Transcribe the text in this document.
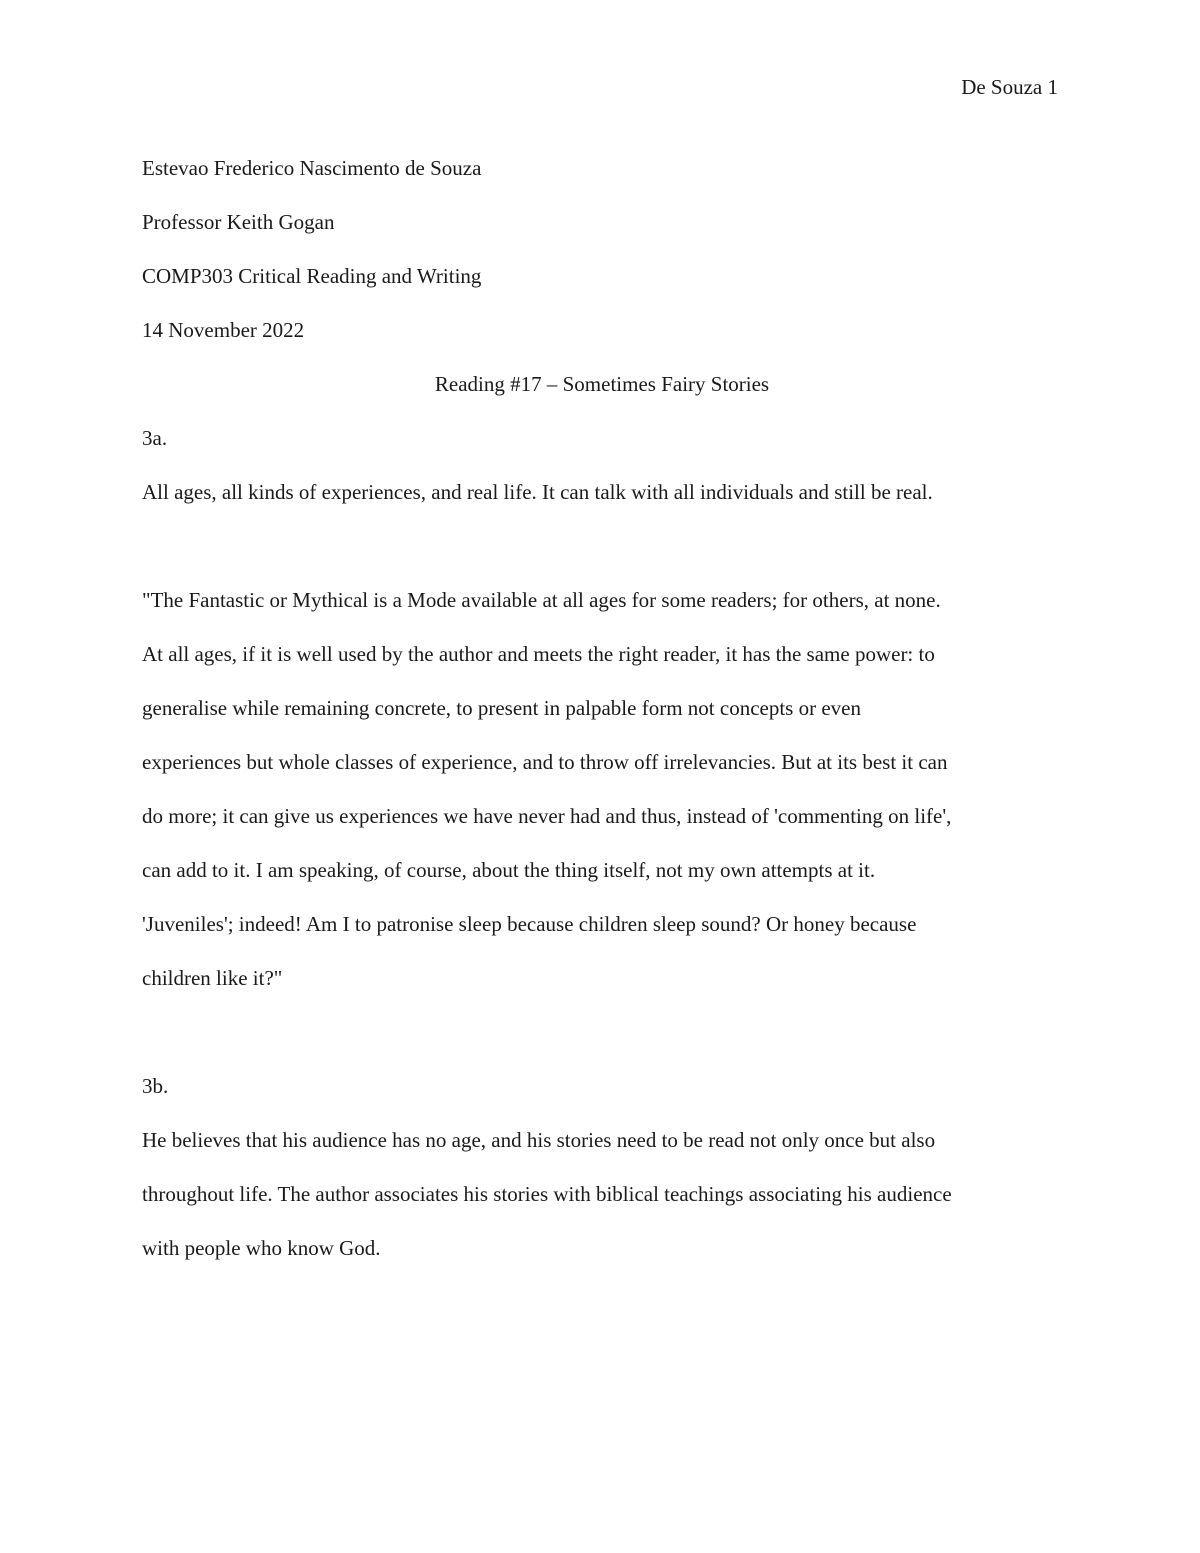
De Souza 1
Estevao Frederico Nascimento de Souza
Professor Keith Gogan
COMP303 Critical Reading and Writing
14 November 2022
Reading #17 – Sometimes Fairy Stories
3a.
All ages, all kinds of experiences, and real life. It can talk with all individuals and still be real.
"The Fantastic or Mythical is a Mode available at all ages for some readers; for others, at none.
At all ages, if it is well used by the author and meets the right reader, it has the same power: to
generalise while remaining concrete, to present in palpable form not concepts or even
experiences but whole classes of experience, and to throw off irrelevancies. But at its best it can
do more; it can give us experiences we have never had and thus, instead of 'commenting on life',
can add to it. I am speaking, of course, about the thing itself, not my own attempts at it.
'Juveniles'; indeed! Am I to patronise sleep because children sleep sound? Or honey because
children like it?"
3b.
He believes that his audience has no age, and his stories need to be read not only once but also
throughout life. The author associates his stories with biblical teachings associating his audience
with people who know God.
